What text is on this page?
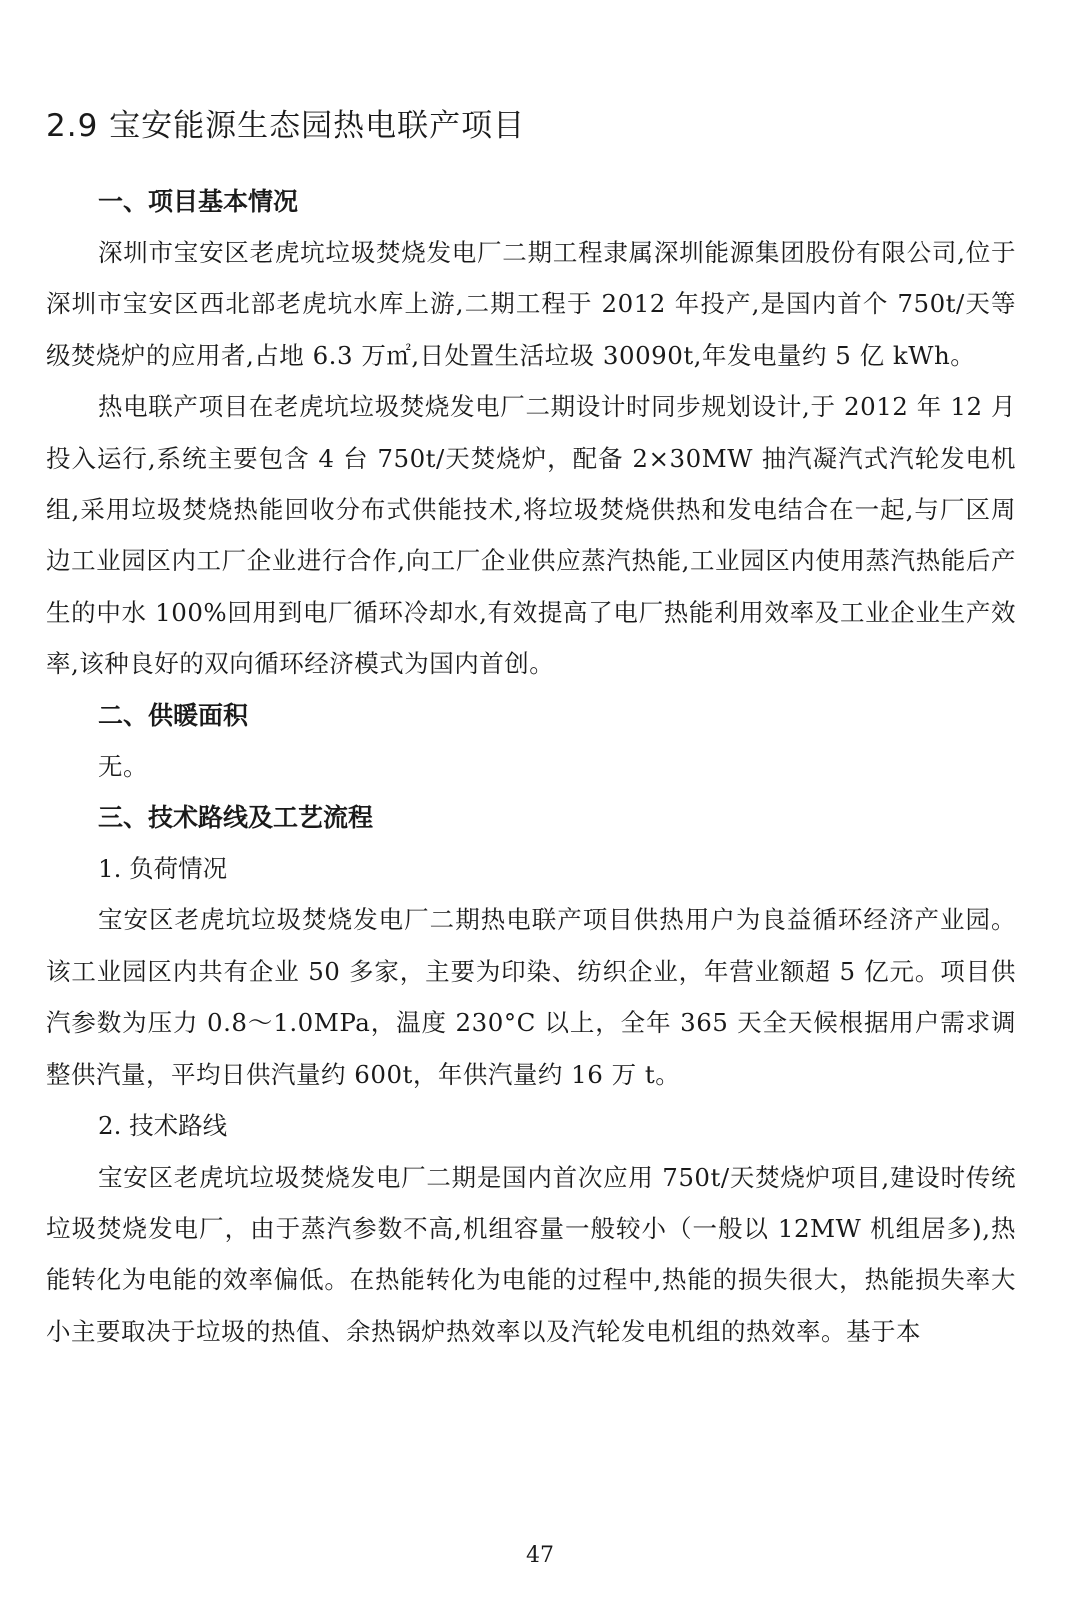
2.9 宝安能源生态园热电联产项目

一、项目基本情况

深圳市宝安区老虎坑垃圾焚烧发电厂二期工程隶属深圳能源集团股份有限公司,位于深圳市宝安区西北部老虎坑水库上游,二期工程于 2012 年投产,是国内首个 750t/天等级焚烧炉的应用者,占地 6.3 万㎡,日处置生活垃圾 30090t,年发电量约 5 亿 kWh。

热电联产项目在老虎坑垃圾焚烧发电厂二期设计时同步规划设计,于 2012 年 12 月投入运行,系统主要包含 4 台 750t/天焚烧炉，配备 2×30MW 抽汽凝汽式汽轮发电机组,采用垃圾焚烧热能回收分布式供能技术,将垃圾焚烧供热和发电结合在一起,与厂区周边工业园区内工厂企业进行合作,向工厂企业供应蒸汽热能,工业园区内使用蒸汽热能后产生的中水 100%回用到电厂循环冷却水,有效提高了电厂热能利用效率及工业企业生产效率,该种良好的双向循环经济模式为国内首创。

二、供暖面积

无。

三、技术路线及工艺流程

1. 负荷情况

宝安区老虎坑垃圾焚烧发电厂二期热电联产项目供热用户为良益循环经济产业园。该工业园区内共有企业 50 多家，主要为印染、纺织企业，年营业额超 5 亿元。项目供汽参数为压力 0.8～1.0MPa，温度 230°C 以上，全年 365 天全天候根据用户需求调整供汽量，平均日供汽量约 600t，年供汽量约 16 万 t。

2. 技术路线

宝安区老虎坑垃圾焚烧发电厂二期是国内首次应用 750t/天焚烧炉项目,建设时传统垃圾焚烧发电厂，由于蒸汽参数不高,机组容量一般较小（一般以 12MW 机组居多),热能转化为电能的效率偏低。在热能转化为电能的过程中,热能的损失很大，热能损失率大小主要取决于垃圾的热值、余热锅炉热效率以及汽轮发电机组的热效率。基于本

47
